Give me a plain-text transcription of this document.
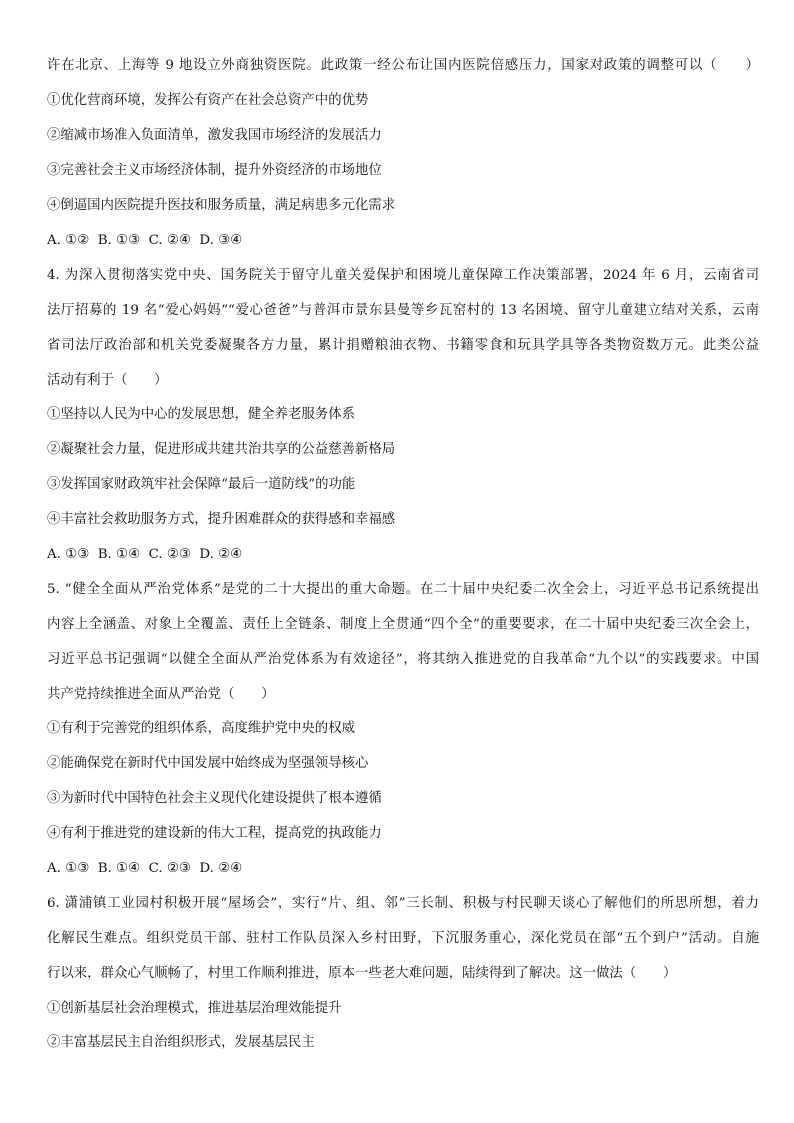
许在北京、上海等 9 地设立外商独资医院。此政策一经公布让国内医院倍感压力，国家对政策的调整可以（　　）
①优化营商环境，发挥公有资产在社会总资产中的优势
②缩减市场准入负面清单，激发我国市场经济的发展活力
③完善社会主义市场经济体制，提升外资经济的市场地位
④倒逼国内医院提升医技和服务质量，满足病患多元化需求
A. ①②  B. ①③  C. ②④  D. ③④
4. 为深入贯彻落实党中央、国务院关于留守儿童关爱保护和困境儿童保障工作决策部署，2024 年 6 月，云南省司
法厅招募的 19 名“爱心妈妈”“爱心爸爸”与普洱市景东县曼等乡瓦窑村的 13 名困境、留守儿童建立结对关系，云南
省司法厅政治部和机关党委凝聚各方力量，累计捐赠粮油衣物、书籍零食和玩具学具等各类物资数万元。此类公益
活动有利于（　　）
①坚持以人民为中心的发展思想，健全养老服务体系
②凝聚社会力量，促进形成共建共治共享的公益慈善新格局
③发挥国家财政筑牢社会保障“最后一道防线”的功能
④丰富社会救助服务方式，提升困难群众的获得感和幸福感
A. ①③  B. ①④  C. ②③  D. ②④
5. “健全全面从严治党体系”是党的二十大提出的重大命题。在二十届中央纪委二次全会上，习近平总书记系统提出
内容上全涵盖、对象上全覆盖、责任上全链条、制度上全贯通“四个全”的重要要求，在二十届中央纪委三次全会上，
习近平总书记强调“以健全全面从严治党体系为有效途径”，将其纳入推进党的自我革命“九个以”的实践要求。中国
共产党持续推进全面从严治党（　　）
①有利于完善党的组织体系，高度维护党中央的权威
②能确保党在新时代中国发展中始终成为坚强领导核心
③为新时代中国特色社会主义现代化建设提供了根本遵循
④有利于推进党的建设新的伟大工程，提高党的执政能力
A. ①③  B. ①④  C. ②③  D. ②④
6. 潇浦镇工业园村积极开展“屋场会”，实行“片、组、邻”三长制、积极与村民聊天谈心了解他们的所思所想，着力
化解民生难点。组织党员干部、驻村工作队员深入乡村田野，下沉服务重心，深化党员在部“五个到户”活动。自施
行以来，群众心气顺畅了，村里工作顺利推进，原本一些老大难问题，陆续得到了解决。这一做法（　　）
①创新基层社会治理模式，推进基层治理效能提升
②丰富基层民主自治组织形式，发展基层民主
